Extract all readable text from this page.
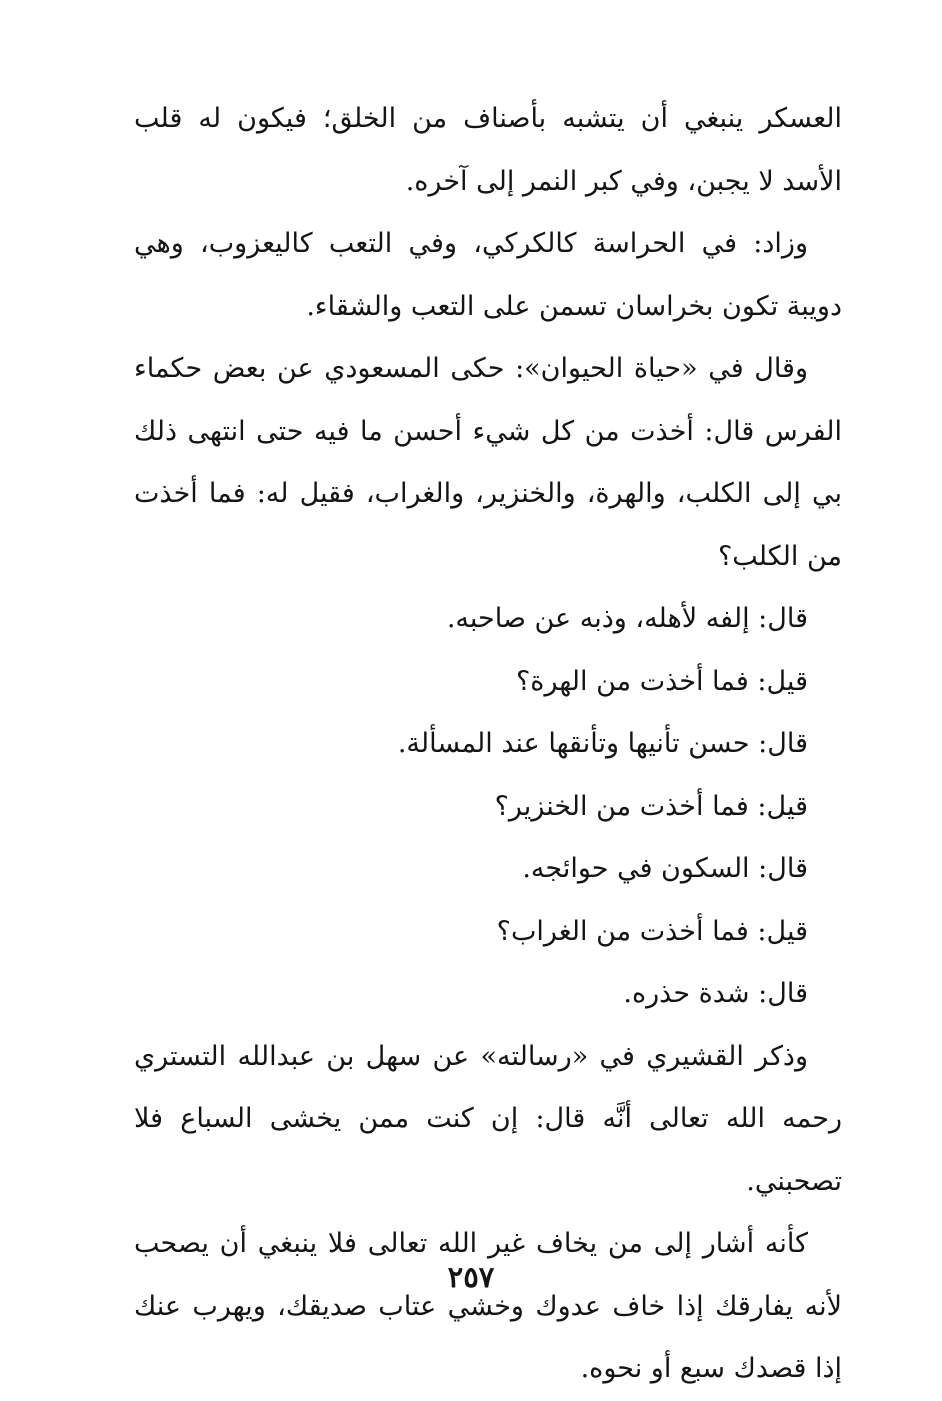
العسكر ينبغي أن يتشبه بأصناف من الخلق؛ فيكون له قلب الأسد لا يجبن، وفي كبر النمر إلى آخره.

وزاد: في الحراسة كالكركي، وفي التعب كاليعزوب، وهي دويبة تكون بخراسان تسمن على التعب والشقاء.

وقال في «حياة الحيوان»: حكى المسعودي عن بعض حكماء الفرس قال: أخذت من كل شيء أحسن ما فيه حتى انتهى ذلك بي إلى الكلب، والهرة، والخنزير، والغراب، فقيل له: فما أخذت من الكلب؟

قال: إلفه لأهله، وذبه عن صاحبه.

قيل: فما أخذت من الهرة؟

قال: حسن تأنيها وتأنقها عند المسألة.

قيل: فما أخذت من الخنزير؟

قال: السكون في حوائجه.

قيل: فما أخذت من الغراب؟

قال: شدة حذره.

وذكر القشيري في «رسالته» عن سهل بن عبدالله التستري رحمه الله تعالى أنَّه قال: إن كنت ممن يخشى السباع فلا تصحبني.

كأنه أشار إلى من يخاف غير الله تعالى فلا ينبغي أن يصحب لأنه يفارقك إذا خاف عدوك وخشي عتاب صديقك، ويهرب عنك إذا قصدك سبع أو نحوه.

٢٥٧
